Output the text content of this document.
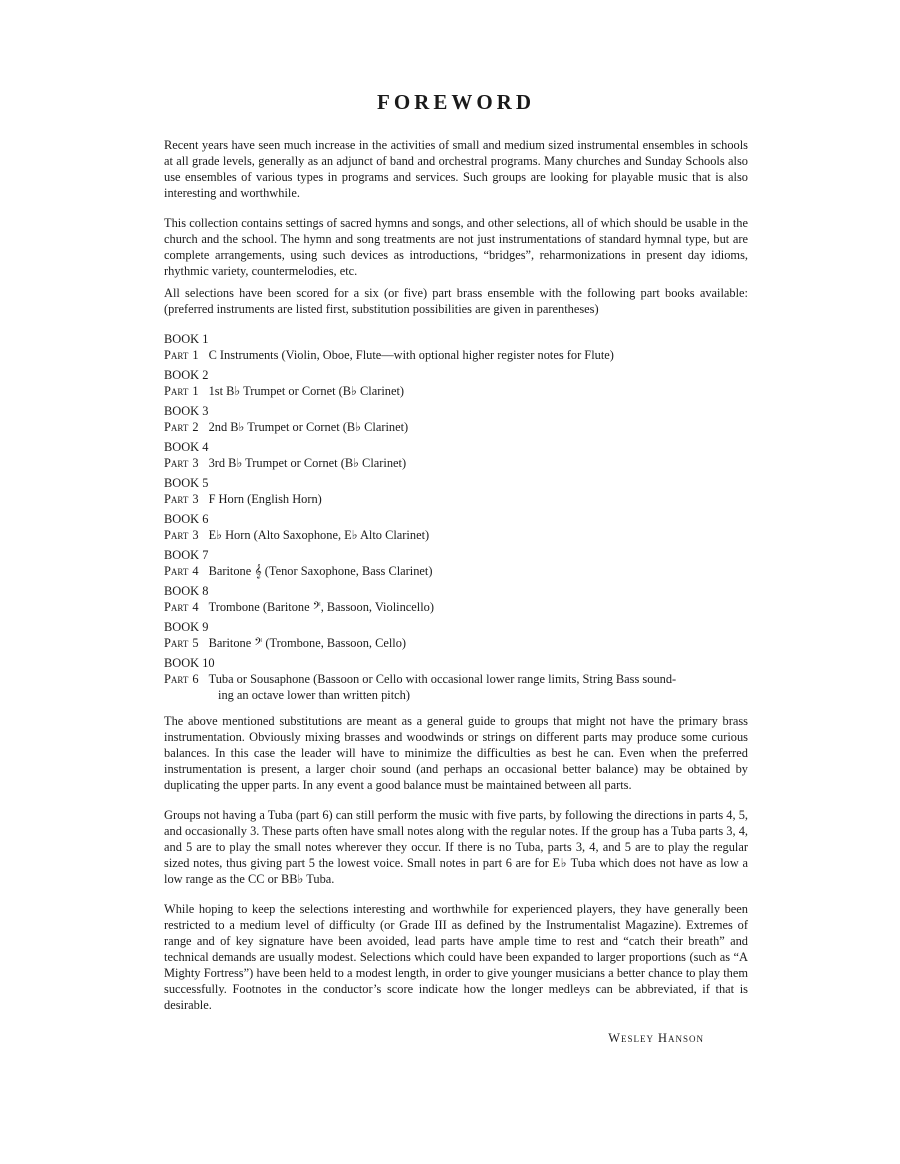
FOREWORD

Recent years have seen much increase in the activities of small and medium sized instrumental ensembles in schools at all grade levels, generally as an adjunct of band and orchestral programs. Many churches and Sunday Schools also use ensembles of various types in programs and services. Such groups are looking for playable music that is also interesting and worthwhile.

This collection contains settings of sacred hymns and songs, and other selections, all of which should be usable in the church and the school. The hymn and song treatments are not just instrumentations of standard hymnal type, but are complete arrangements, using such devices as introductions, “bridges”, reharmonizations in present day idioms, rhythmic variety, countermelodies, etc.

All selections have been scored for a six (or five) part brass ensemble with the following part books available: (preferred instruments are listed first, substitution possibilities are given in parentheses)

BOOK 1
Part 1 C Instruments (Violin, Oboe, Flute—with optional higher register notes for Flute)
BOOK 2
Part 1 1st B♭ Trumpet or Cornet (B♭ Clarinet)
BOOK 3
Part 2 2nd B♭ Trumpet or Cornet (B♭ Clarinet)
BOOK 4
Part 3 3rd B♭ Trumpet or Cornet (B♭ Clarinet)
BOOK 5
Part 3 F Horn (English Horn)
BOOK 6
Part 3 E♭ Horn (Alto Saxophone, E♭ Alto Clarinet)
BOOK 7
Part 4 Baritone 𝄞 (Tenor Saxophone, Bass Clarinet)
BOOK 8
Part 4 Trombone (Baritone 𝄢, Bassoon, Violincello)
BOOK 9
Part 5 Baritone 𝄢 (Trombone, Bassoon, Cello)
BOOK 10
Part 6 Tuba or Sousaphone (Bassoon or Cello with occasional lower range limits, String Bass sound-
ing an octave lower than written pitch)

The above mentioned substitutions are meant as a general guide to groups that might not have the primary brass instrumentation. Obviously mixing brasses and woodwinds or strings on different parts may produce some curious balances. In this case the leader will have to minimize the difficulties as best he can. Even when the preferred instrumentation is present, a larger choir sound (and perhaps an occasional better balance) may be obtained by duplicating the upper parts. In any event a good balance must be maintained between all parts.

Groups not having a Tuba (part 6) can still perform the music with five parts, by following the directions in parts 4, 5, and occasionally 3. These parts often have small notes along with the regular notes. If the group has a Tuba parts 3, 4, and 5 are to play the small notes wherever they occur. If there is no Tuba, parts 3, 4, and 5 are to play the regular sized notes, thus giving part 5 the lowest voice. Small notes in part 6 are for E♭ Tuba which does not have as low a low range as the CC or BB♭ Tuba.

While hoping to keep the selections interesting and worthwhile for experienced players, they have generally been restricted to a medium level of difficulty (or Grade III as defined by the Instrumentalist Magazine). Extremes of range and of key signature have been avoided, lead parts have ample time to rest and “catch their breath” and technical demands are usually modest. Selections which could have been expanded to larger proportions (such as “A Mighty Fortress”) have been held to a modest length, in order to give younger musicians a better chance to play them successfully. Footnotes in the conductor’s score indicate how the longer medleys can be abbreviated, if that is desirable.

Wesley Hanson
